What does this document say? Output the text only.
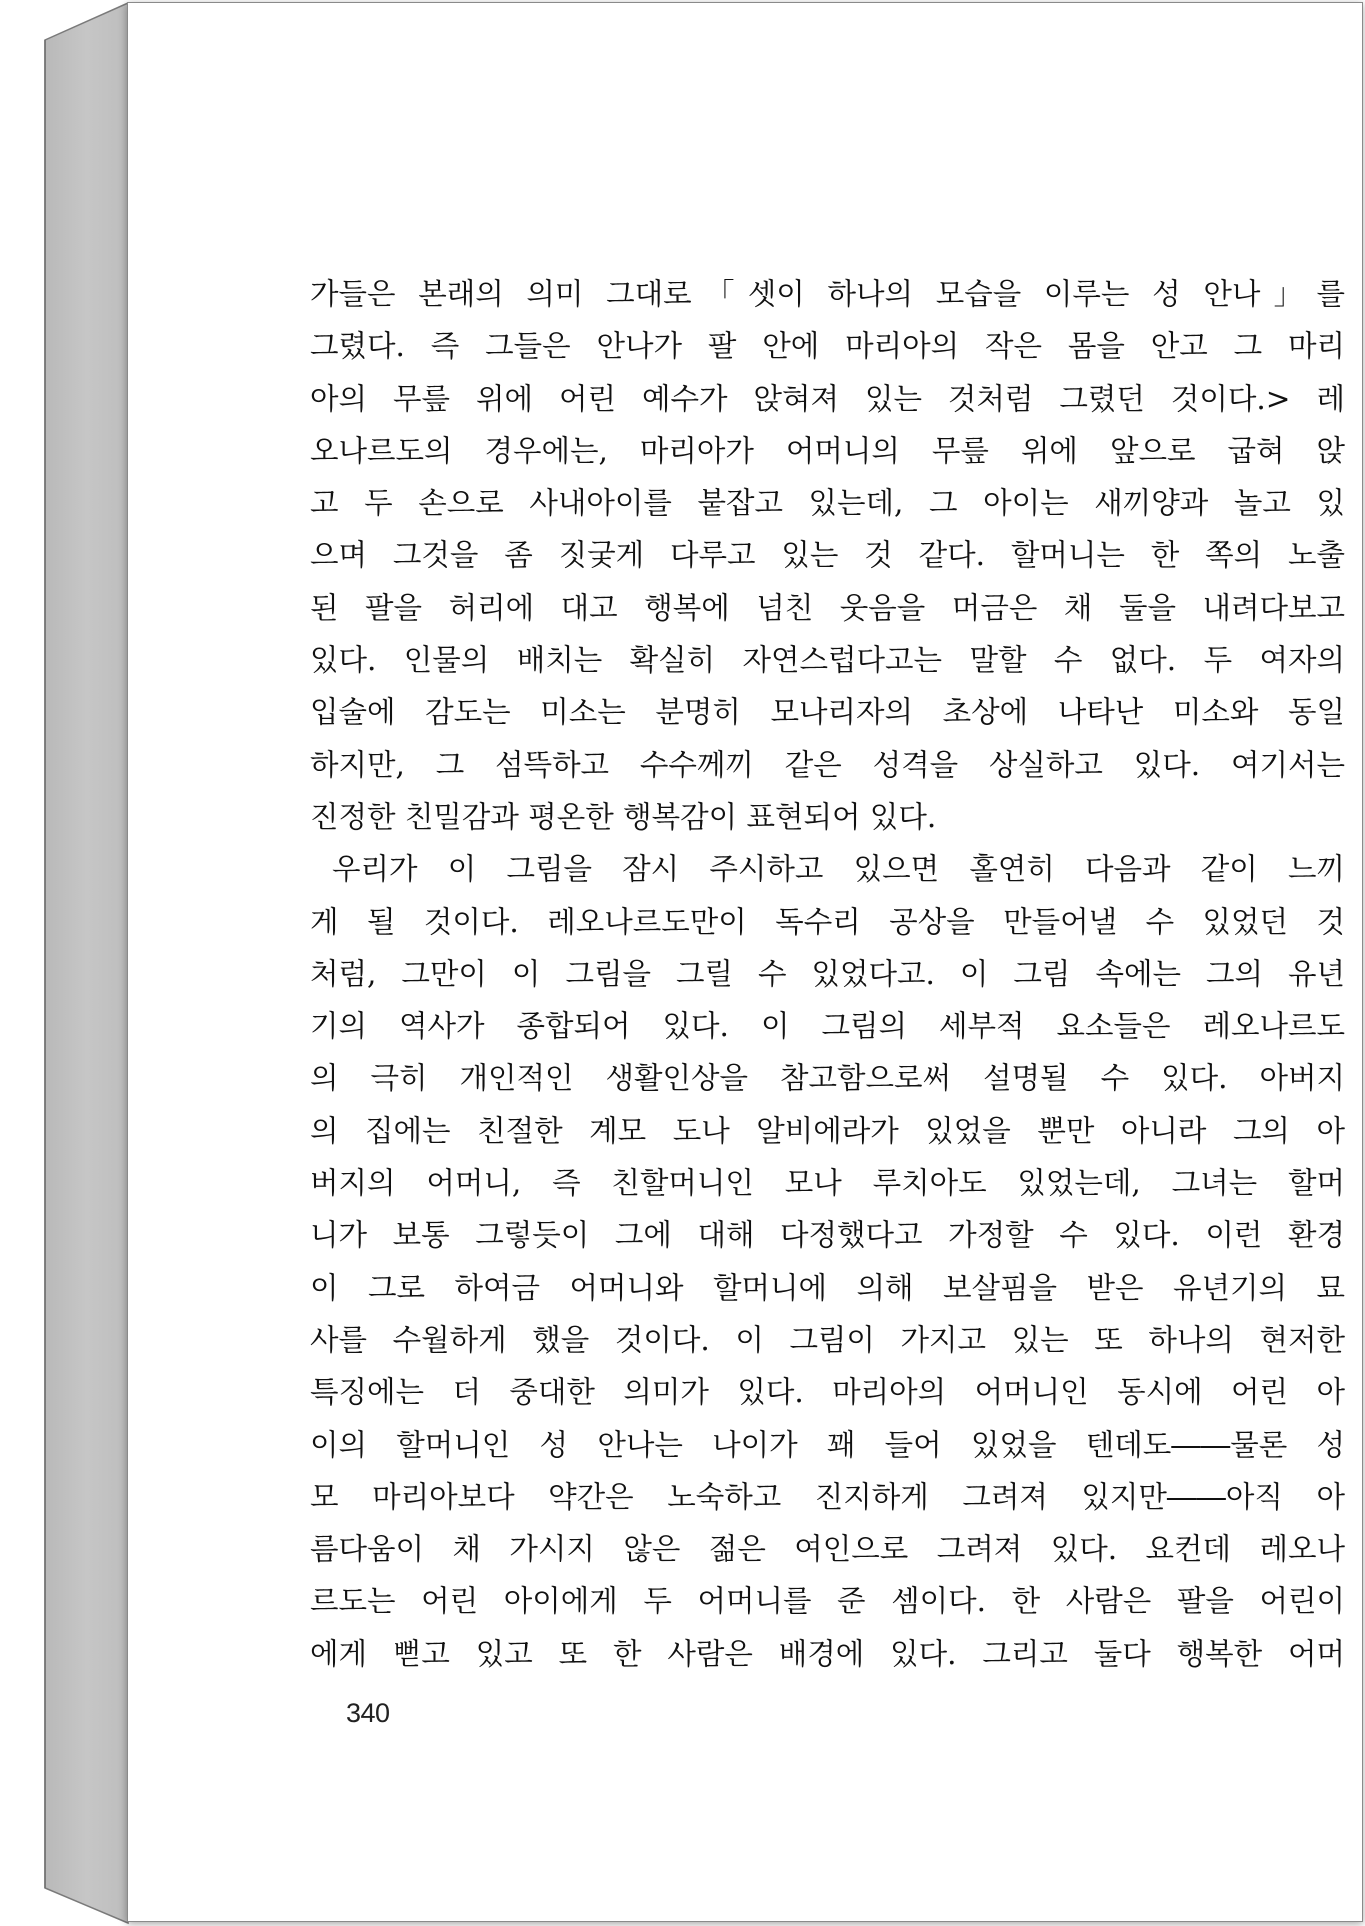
가들은 본래의 의미 그대로「셋이 하나의 모습을 이루는 성 안나」를
그렸다. 즉 그들은 안나가 팔 안에 마리아의 작은 몸을 안고 그 마리
아의 무릎 위에 어린 예수가 앉혀져 있는 것처럼 그렸던 것이다.> 레
오나르도의 경우에는, 마리아가 어머니의 무릎 위에 앞으로 굽혀 앉
고 두 손으로 사내아이를 붙잡고 있는데, 그 아이는 새끼양과 놀고 있
으며 그것을 좀 짓궂게 다루고 있는 것 같다. 할머니는 한 쪽의 노출
된 팔을 허리에 대고 행복에 넘친 웃음을 머금은 채 둘을 내려다보고
있다. 인물의 배치는 확실히 자연스럽다고는 말할 수 없다. 두 여자의
입술에 감도는 미소는 분명히 모나리자의 초상에 나타난 미소와 동일
하지만, 그 섬뜩하고 수수께끼 같은 성격을 상실하고 있다. 여기서는
진정한 친밀감과 평온한 행복감이 표현되어 있다.
우리가 이 그림을 잠시 주시하고 있으면 홀연히 다음과 같이 느끼
게 될 것이다. 레오나르도만이 독수리 공상을 만들어낼 수 있었던 것
처럼, 그만이 이 그림을 그릴 수 있었다고. 이 그림 속에는 그의 유년
기의 역사가 종합되어 있다. 이 그림의 세부적 요소들은 레오나르도
의 극히 개인적인 생활인상을 참고함으로써 설명될 수 있다. 아버지
의 집에는 친절한 계모 도나 알비에라가 있었을 뿐만 아니라 그의 아
버지의 어머니, 즉 친할머니인 모나 루치아도 있었는데, 그녀는 할머
니가 보통 그렇듯이 그에 대해 다정했다고 가정할 수 있다. 이런 환경
이 그로 하여금 어머니와 할머니에 의해 보살핌을 받은 유년기의 묘
사를 수월하게 했을 것이다. 이 그림이 가지고 있는 또 하나의 현저한
특징에는 더 중대한 의미가 있다. 마리아의 어머니인 동시에 어린 아
이의 할머니인 성 안나는 나이가 꽤 들어 있었을 텐데도――물론 성
모 마리아보다 약간은 노숙하고 진지하게 그려져 있지만――아직 아
름다움이 채 가시지 않은 젊은 여인으로 그려져 있다. 요컨데 레오나
르도는 어린 아이에게 두 어머니를 준 셈이다. 한 사람은 팔을 어린이
에게 뻗고 있고 또 한 사람은 배경에 있다. 그리고 둘다 행복한 어머
340
